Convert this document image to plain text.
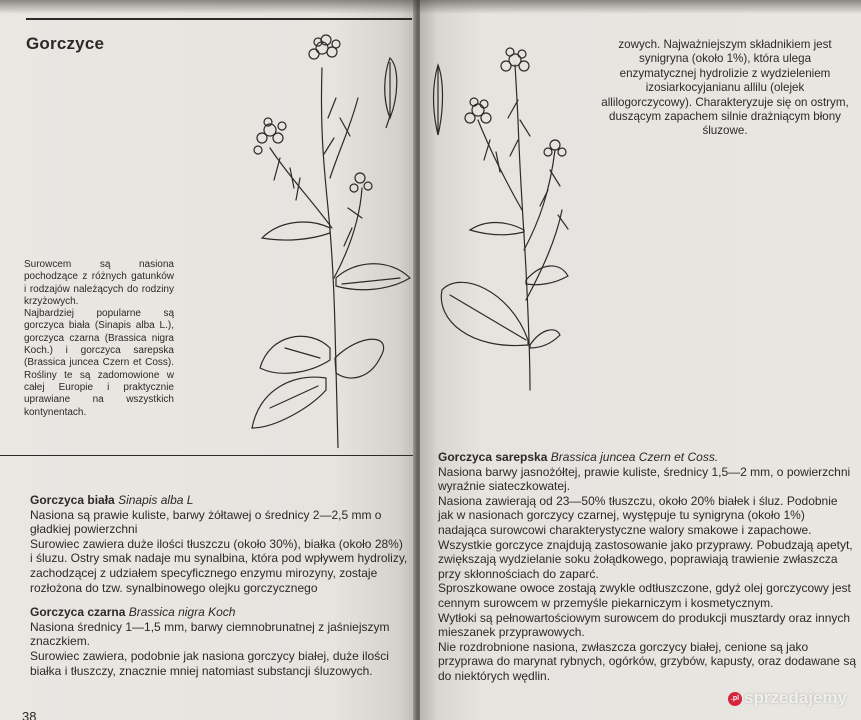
Gorczyce

Surowcem są nasiona pochodzące z różnych gatunków i rodzajów należących do rodziny krzyżowych.

Najbardziej popularne są gorczyca biała (Sinapis alba L.), gorczyca czarna (Brassica nigra Koch.) i gorczyca sarepska (Brassica juncea Czern et Coss). Rośliny te są zadomowione w całej Europie i praktycznie uprawiane na wszystkich kontynentach.

Gorczyca biała Sinapis alba L

Nasiona są prawie kuliste, barwy żółtawej o średnicy 2—2,5 mm o gładkiej powierzchni

Surowiec zawiera duże ilości tłuszczu (około 30%), białka (około 28%) i śluzu. Ostry smak nadaje mu synalbina, która pod wpływem hydrolizy, zachodzącej z udziałem specyficznego enzymu mirozyny, zostaje rozłożona do tzw. synalbinowego olejku gorczycznego

Gorczyca czarna Brassica nigra Koch

Nasiona średnicy 1—1,5 mm, barwy ciemnobrunatnej z jaśniejszym znaczkiem.

Surowiec zawiera, podobnie jak nasiona gorczycy białej, duże ilości białka i tłuszczy, znacznie mniej natomiast substancji śluzowych.

38
zowych. Najważniejszym składnikiem jest synigryna (około 1%), która ulega enzymatycznej hydrolizie z wydzieleniem izosiarkocyjanianu allilu (olejek allilogorczycowy). Charakteryzuje się on ostrym, duszącym zapachem silnie drażniącym błony śluzowe.

Gorczyca sarepska Brassica juncea Czern et Coss.

Nasiona barwy jasnożółtej, prawie kuliste, średnicy 1,5—2 mm, o powierzchni wyraźnie siateczkowatej.

Nasiona zawierają od 23—50% tłuszczu, około 20% białek i śluz. Podobnie jak w nasionach gorczycy czarnej, występuje tu synigryna (około 1%) nadająca surowcowi charakterystyczne walory smakowe i zapachowe.

Wszystkie gorczyce znajdują zastosowanie jako przyprawy. Pobudzają apetyt, zwiększają wydzielanie soku żołądkowego, poprawiają trawienie zwłaszcza przy skłonnościach do zaparć.

Sproszkowane owoce zostają zwykle odtłuszczone, gdyż olej gorczycowy jest cennym surowcem w przemyśle piekarniczym i kosmetycznym.

Wytłoki są pełnowartościowym surowcem do produkcji musztardy oraz innych mieszanek przyprawowych.

Nie rozdrobnione nasiona, zwłaszcza gorczycy białej, cenione są jako przyprawa do marynat rybnych, ogórków, grzybów, kapusty, oraz dodawane są do niektórych wędlin.

.pl sprzedajemy
